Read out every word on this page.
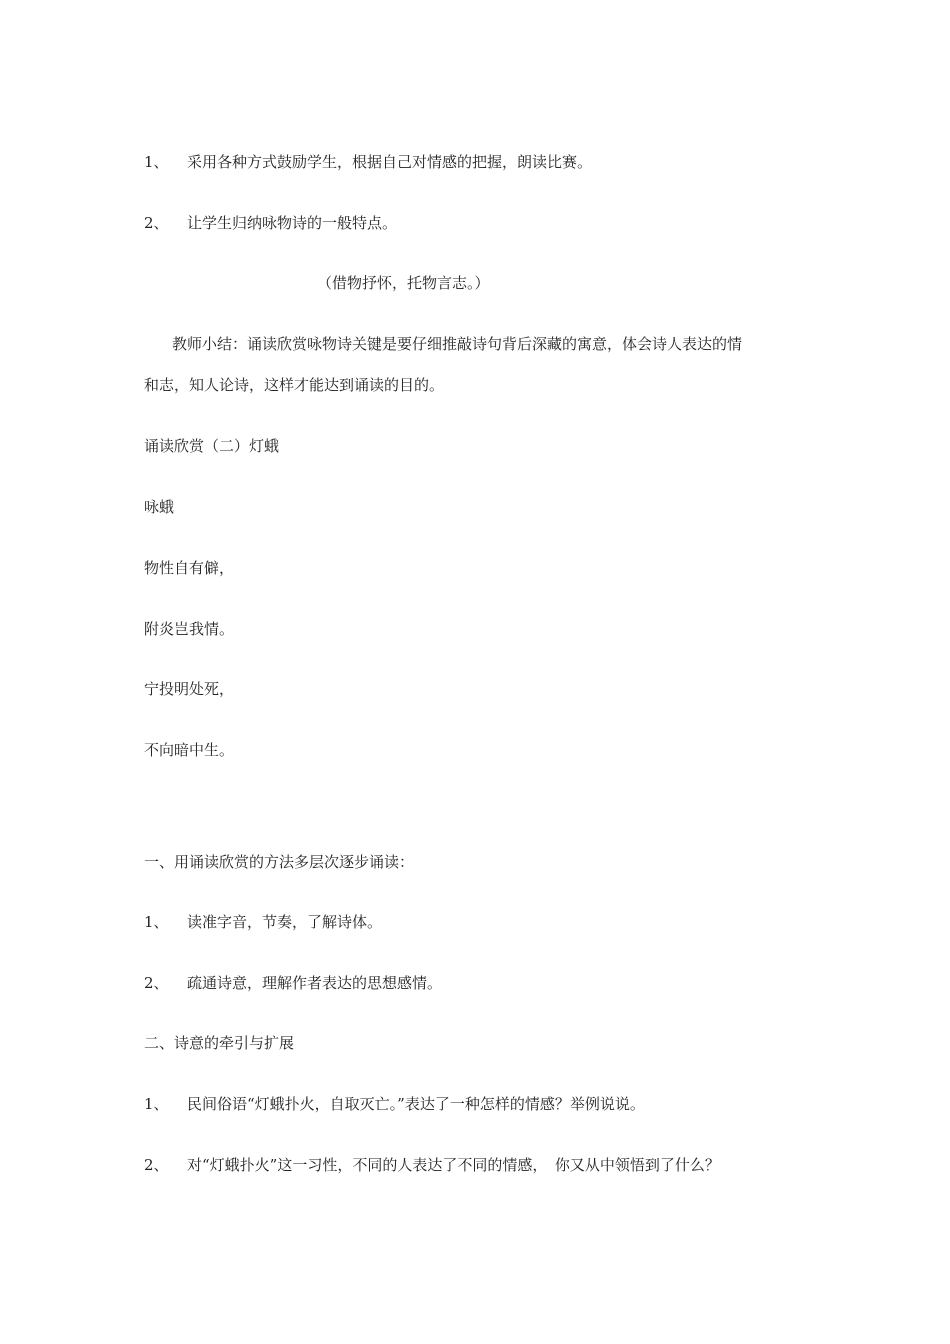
1、 采用各种方式鼓励学生，根据自己对情感的把握，朗读比赛。
2、 让学生归纳咏物诗的一般特点。
（借物抒怀，托物言志。）
教师小结：诵读欣赏咏物诗关键是要仔细推敲诗句背后深藏的寓意，体会诗人表达的情
和志，知人论诗，这样才能达到诵读的目的。
诵读欣赏（二）灯蛾
咏蛾
物性自有僻，
附炎岂我情。
宁投明处死，
不向暗中生。
一、用诵读欣赏的方法多层次逐步诵读：
1、 读准字音，节奏，了解诗体。
2、 疏通诗意，理解作者表达的思想感情。
二、诗意的牵引与扩展
1、 民间俗语“灯蛾扑火，自取灭亡。”表达了一种怎样的情感？举例说说。
2、 对“灯蛾扑火”这一习性，不同的人表达了不同的情感，　你又从中领悟到了什么？
